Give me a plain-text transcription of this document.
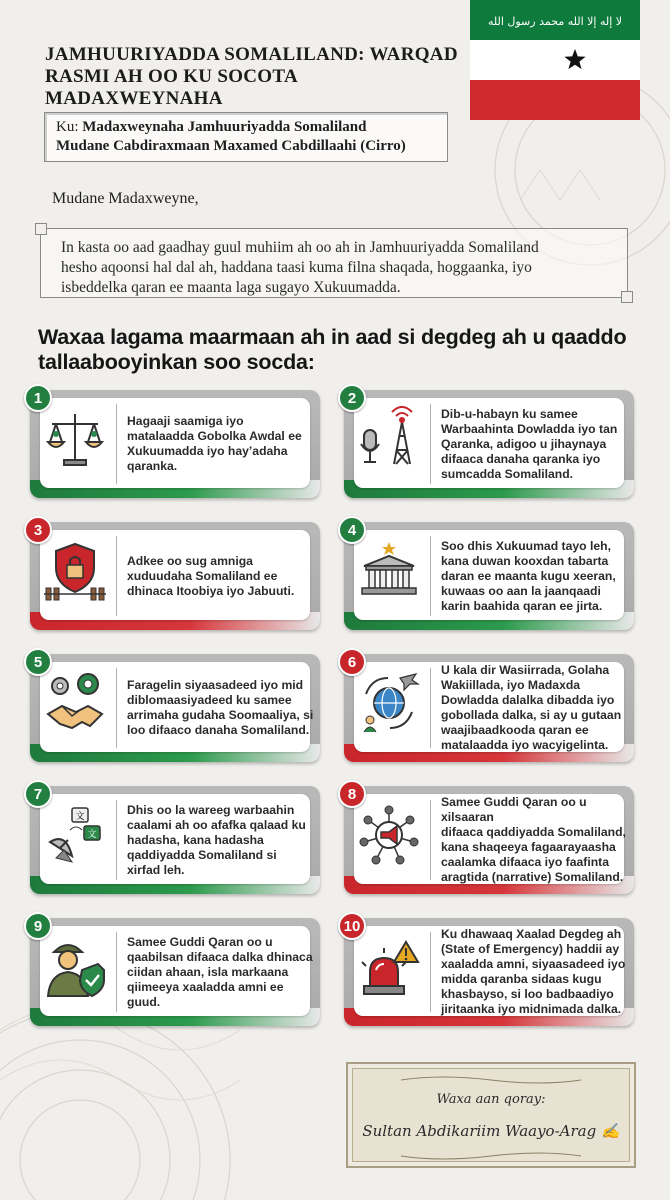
JAMHUURIYADDA SOMALILAND: WARQAD
RASMI AH OO KU SOCOTA MADAXWEYNAHA
لا إله إلا الله محمد رسول الله
Ku: Madaxweynaha Jamhuuriyadda Somaliland
Mudane Cabdiraxmaan Maxamed Cabdillaahi (Cirro)
Mudane Madaxweyne,
In kasta oo aad gaadhay guul muhiim ah oo ah in Jamhuuriyadda Somaliland
hesho aqoonsi hal dal ah, haddana taasi kuma filna shaqada, hoggaanka, iyo
isbeddelka qaran ee maanta laga sugayo Xukuumadda.
Waxaa lagama maarmaan ah in aad si degdeg ah u qaaddo
tallaabooyinkan soo socda:
1
Hagaaji saamiga iyo
matalaadda Gobolka Awdal ee
Xukuumadda iyo hay’adaha
qaranka.
2
Dib-u-habayn ku samee
Warbaahinta Dowladda iyo tan
Qaranka, adigoo u jihaynaya
difaaca danaha qaranka iyo
sumcadda Somaliland.
3
Adkee oo sug amniga
xuduudaha Somaliland ee
dhinaca Itoobiya iyo Jabuuti.
4
Soo dhis Xukuumad tayo leh,
kana duwan kooxdan tabarta
daran ee maanta kugu xeeran,
kuwaas oo aan la jaanqaadi
karin baahida qaran ee jirta.
5
Faragelin siyaasadeed iyo mid
diblomaasiyadeed ku samee
arrimaha gudaha Soomaaliya, si
loo difaaco danaha Somaliland.
6	U kala dir Wasiirrada, Golaha
Wakiillada, iyo Madaxda
Dowladda dalalka dibadda iyo
gobollada dalka, si ay u gutaan
waajibaadkooda qaran ee
matalaadda iyo wacyigelinta.
7
文
文
Dhis oo la wareeg warbaahin
caalami ah oo afafka qalaad ku
hadasha, kana hadasha
qaddiyadda Somaliland si
xirfad leh.
8	Samee Guddi Qaran oo u xilsaaran
difaaca qaddiyadda Somaliland,
kana shaqeeya fagaarayaasha
caalamka difaaca iyo faafinta
aragtida (narrative) Somaliland.
9
Samee Guddi Qaran oo u
qaabilsan difaaca dalka dhinaca
ciidan ahaan, isla markaana
qiimeeya xaaladda amni ee guud.
10	Ku dhawaaq Xaalad Degdeg ah
(State of Emergency) haddii ay
xaaladda amni, siyaasadeed iyo
midda qaranba sidaas kugu
khasbayso, si loo badbaadiyo
jiritaanka iyo midnimada dalka.
Waxa aan qoray:
Sultan Abdikariim Waayo-Arag ✍
